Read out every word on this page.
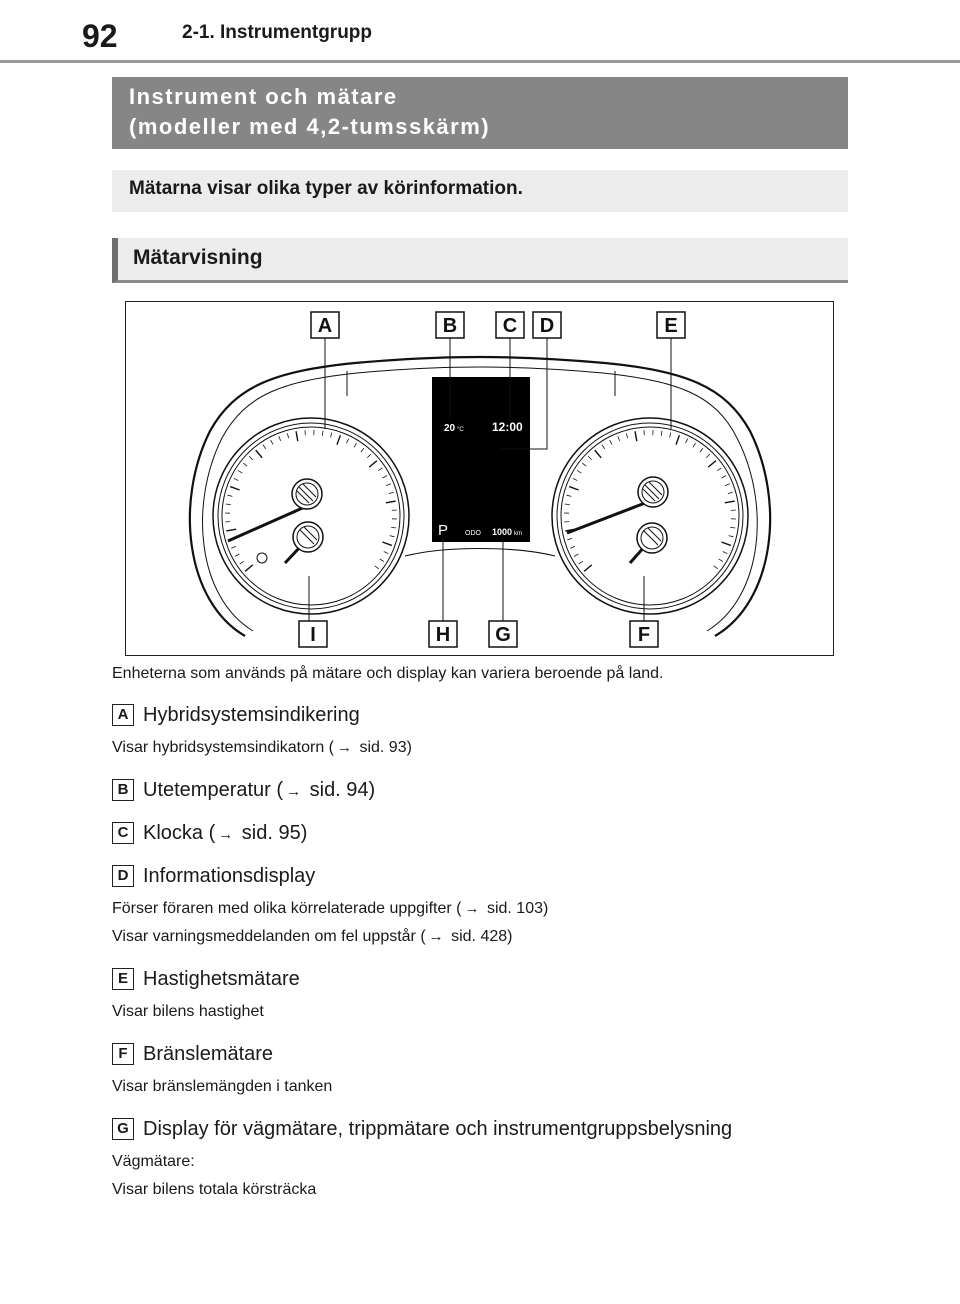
92	2-1. Instrumentgrupp
Instrument och mätare
(modeller med 4,2-tumsskärm)
Mätarna visar olika typer av körinformation.
Mätarvisning
20 °C 12:00
P ODO 1000 km
A	B C D	E
I	H G	F
Enheterna som används på mätare och display kan variera beroende på land.
A Hybridsystemsindikering
Visar hybridsystemsindikatorn ( → sid. 93)
B Utetemperatur ( → sid. 94)
C Klocka ( → sid. 95)
D Informationsdisplay
Förser föraren med olika körrelaterade uppgifter ( → sid. 103)
Visar varningsmeddelanden om fel uppstår ( → sid. 428)
E Hastighetsmätare
Visar bilens hastighet
F Bränslemätare
Visar bränslemängden i tanken
G Display för vägmätare, trippmätare och instrumentgruppsbelysning
Vägmätare:
Visar bilens totala körsträcka
